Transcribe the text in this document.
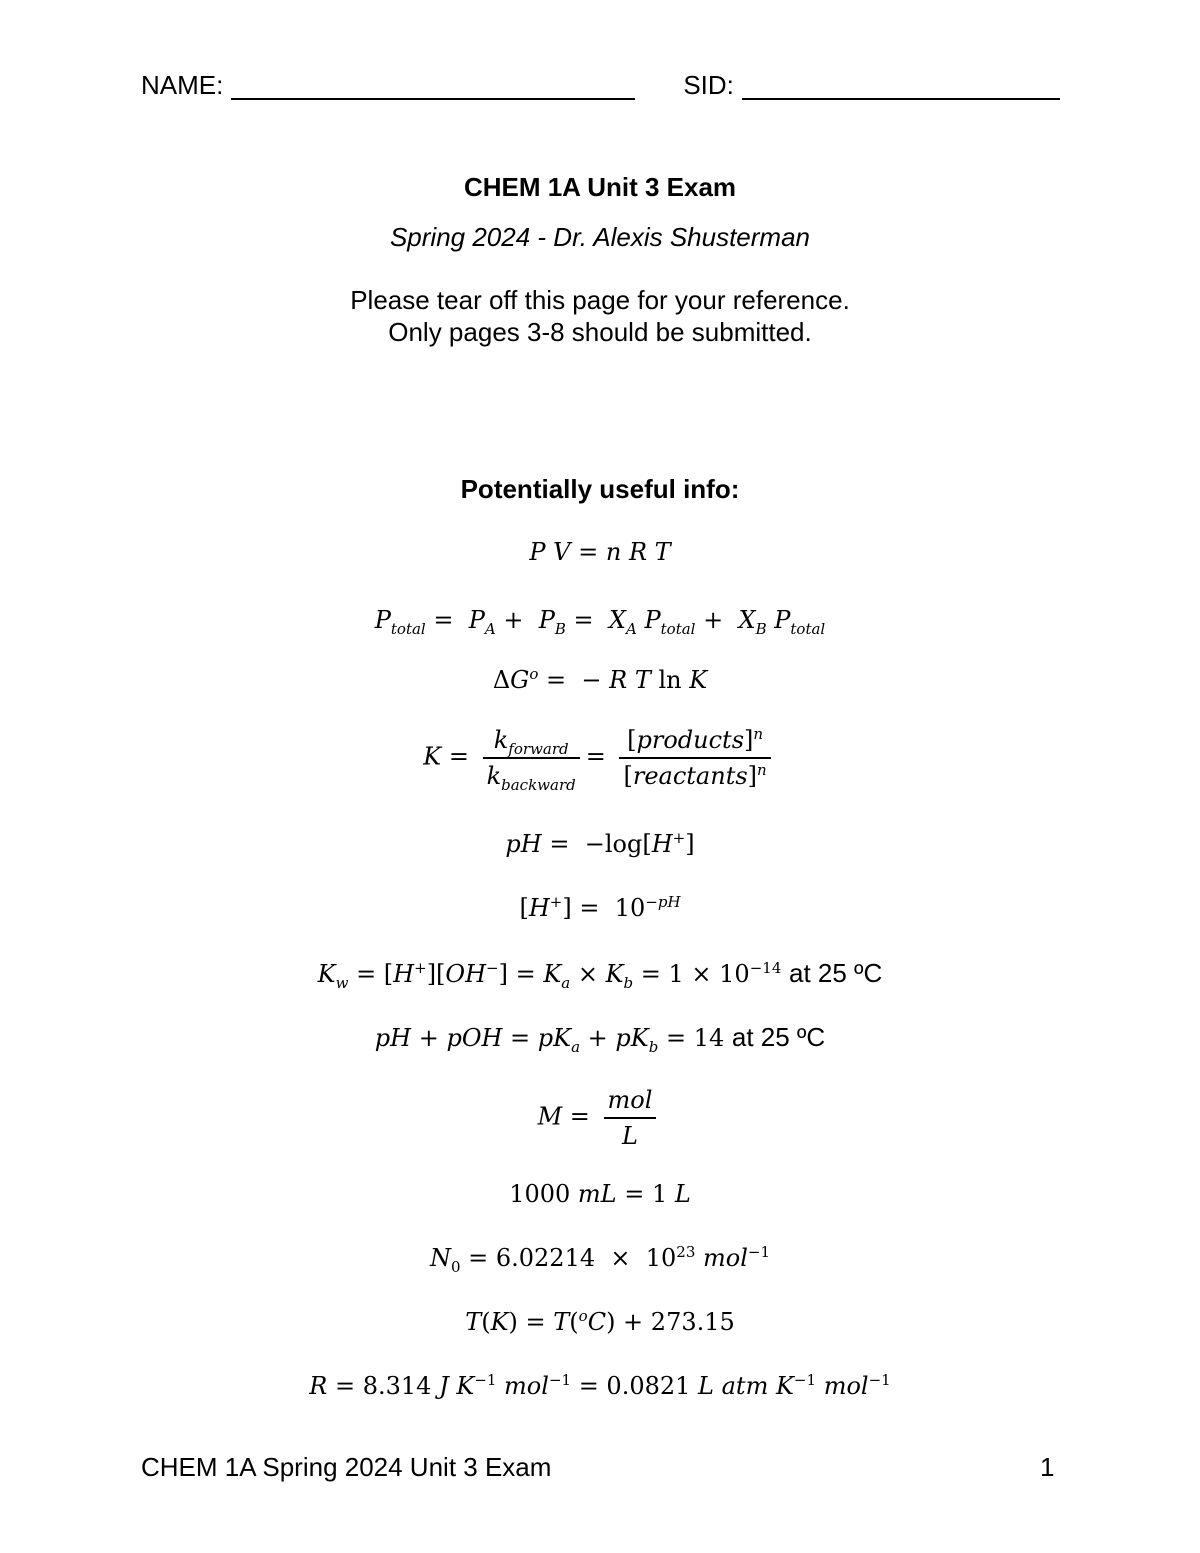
NAME:	SID:
CHEM 1A Unit 3 Exam
Spring 2024 - Dr. Alexis Shusterman
Please tear off this page for your reference.
Only pages 3-8 should be submitted.
Potentially useful info:
P V = n R T
$P_{total} = P_A + P_B = X_A$ $P_{total} + X_B$ $P_{total}$
$\Delta G^o$ =  − R T ln K
$K = \frac{k_{forward}}{k_{backward}} = \frac{[products]^n}{[reactants]^n}$
pH =  −log[H+]
$[H^+] = 10^{-pH}$
$K_w = [H^+][OH^-] = K_a \times K_b = 1 \times 10^{-14}$ at 25 ºC
pH + pOH = $pK_a + pK_b = 14$ at 25 ºC
$M = \frac{\text{mol}}{L}$
1000 mL = 1 L
$N_0 = 6.02214 \times 10^{23}$ mol$^{-1}$
T(K) = T($^o$C) + 273.15
R = 8.314 J $K^{-1}$ mol$^{-1}$ = 0.0821 L atm $K^{-1}$ mol$^{-1}$
CHEM 1A Spring 2024 Unit 3 Exam	1
